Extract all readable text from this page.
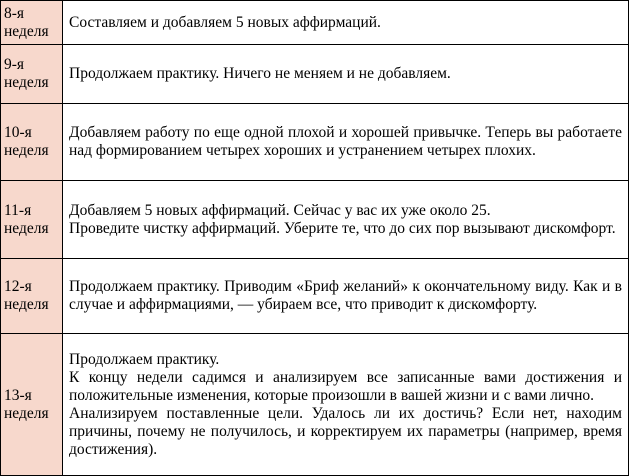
8-я
неделя	Составляем и добавляем 5 новых аффирмаций.

9-я
неделя	Продолжаем практику. Ничего не меняем и не добавляем.

10-я
неделя	Добавляем работу по еще одной плохой и хорошей привычке. Теперь вы работаете над формированием четырех хороших и устранением четырех плохих.

11-я
неделя	Добавляем 5 новых аффирмаций. Сейчас у вас их уже около 25.
Проведите чистку аффирмаций. Уберите те, что до сих пор вызывают дискомфорт.

12-я
неделя	Продолжаем практику. Приводим «Бриф желаний» к окончательному виду. Как и в случае и аффирмациями, — убираем все, что приводит к дискомфорту.

13-я
неделя	Продолжаем практику.
К концу недели садимся и анализируем все записанные вами достижения и положительные изменения, которые произошли в вашей жизни и с вами лично.
Анализируем поставленные цели. Удалось ли их достичь? Если нет, находим причины, почему не получилось, и корректируем их параметры (например, время достижения).
